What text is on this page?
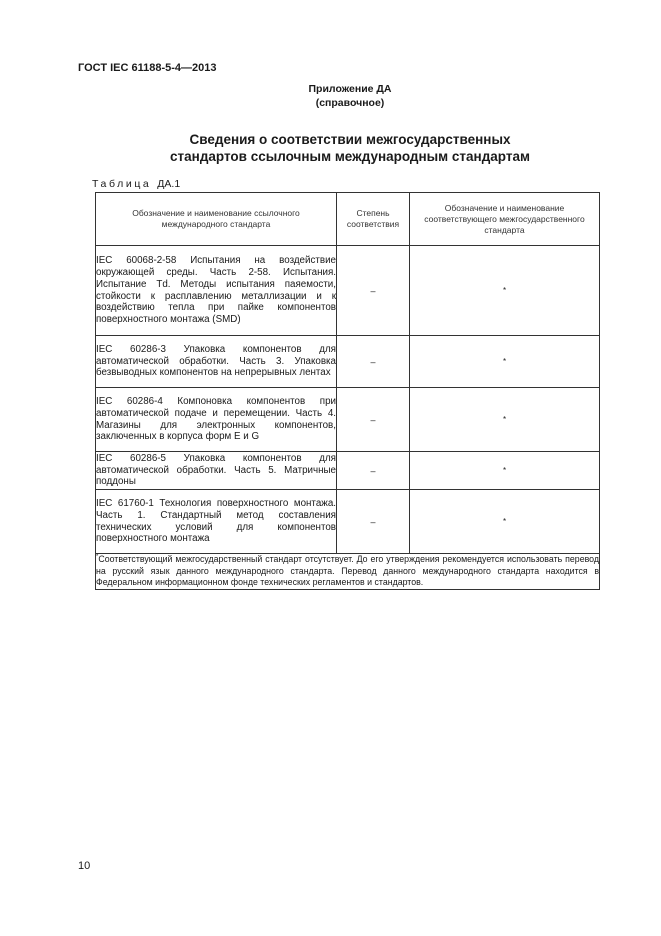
ГОСТ IEC 61188-5-4—2013
Приложение ДА
(справочное)
Сведения о соответствии межгосударственных
стандартов ссылочным международным стандартам
Таблица ДА.1
Обозначение и наименование ссылочного международного стандарта	Степень соответствия	Обозначение и наименование соответствующего межгосударственного стандарта
IEC 60068-2-58 Испытания на воздействие окружающей среды. Часть 2-58. Испытания. Испытание Td. Методы испытания паяемости, стойкости к расплавлению металлизации и к воздействию тепла при пайке компонентов поверхностного монтажа (SMD)	–	*
IEC 60286-3 Упаковка компонентов для автоматической обработки. Часть 3. Упаковка безвыводных компонентов на непрерывных лентах	–	*
IEC 60286-4 Компоновка компонентов при автоматической подаче и перемещении. Часть 4. Магазины для электронных компонентов, заключенных в корпуса форм E и G	–	*
IEC 60286-5 Упаковка компонентов для автоматической обработки. Часть 5. Матричные поддоны	–	*
IEC 61760-1 Технология поверхностного монтажа. Часть 1. Стандартный метод составления технических условий для компонентов поверхностного монтажа	–	*
*Соответствующий межгосударственный стандарт отсутствует. До его утверждения рекомендуется использовать перевод на русский язык данного международного стандарта. Перевод данного международного стандарта находится в Федеральном информационном фонде технических регламентов и стандартов.		
10
